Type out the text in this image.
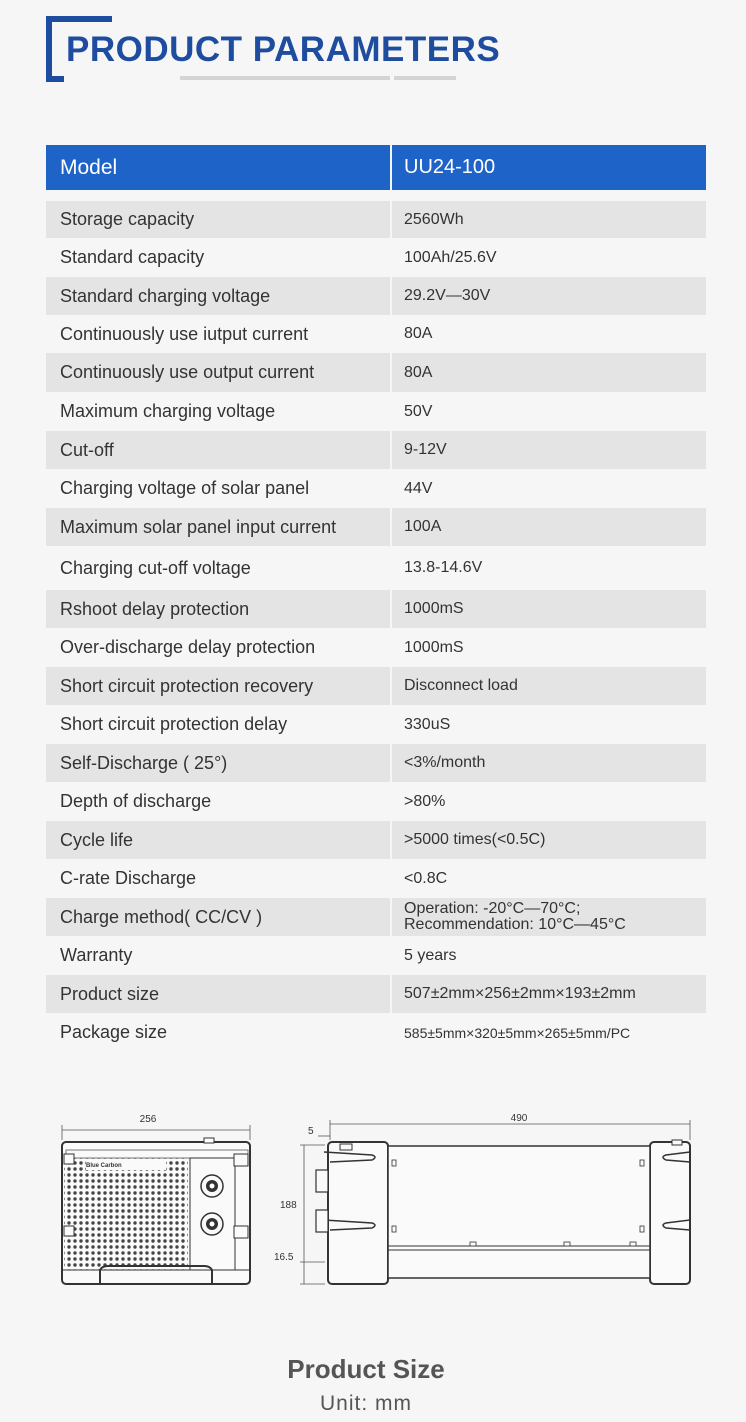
PRODUCT PARAMETERS
Model	UU24-100
Storage capacity	2560Wh
Standard capacity	100Ah/25.6V
Standard charging voltage	29.2V—30V
Continuously use iutput current	80A
Continuously use output current	80A
Maximum charging voltage	50V
Cut-off	9-12V
Charging voltage of solar panel	44V
Maximum solar panel input current	100A
Charging cut-off voltage	13.8-14.6V
Rshoot delay protection	1000mS
Over-discharge delay protection	1000mS
Short circuit protection recovery	Disconnect load
Short circuit protection delay	330uS
Self-Discharge ( 25°)	<3%/month
Depth of discharge	>80%
Cycle life	>5000 times(<0.5C)
C-rate Discharge	<0.8C
Charge method( CC/CV )	Operation: -20°C—70°C;
Recommendation: 10°C—45°C
Warranty	5 years
Product size	507±2mm×256±2mm×193±2mm
Package size	585±5mm×320±5mm×265±5mm/PC
256
Blue Carbon
490
5
188
16.5
Product Size
Unit: mm
